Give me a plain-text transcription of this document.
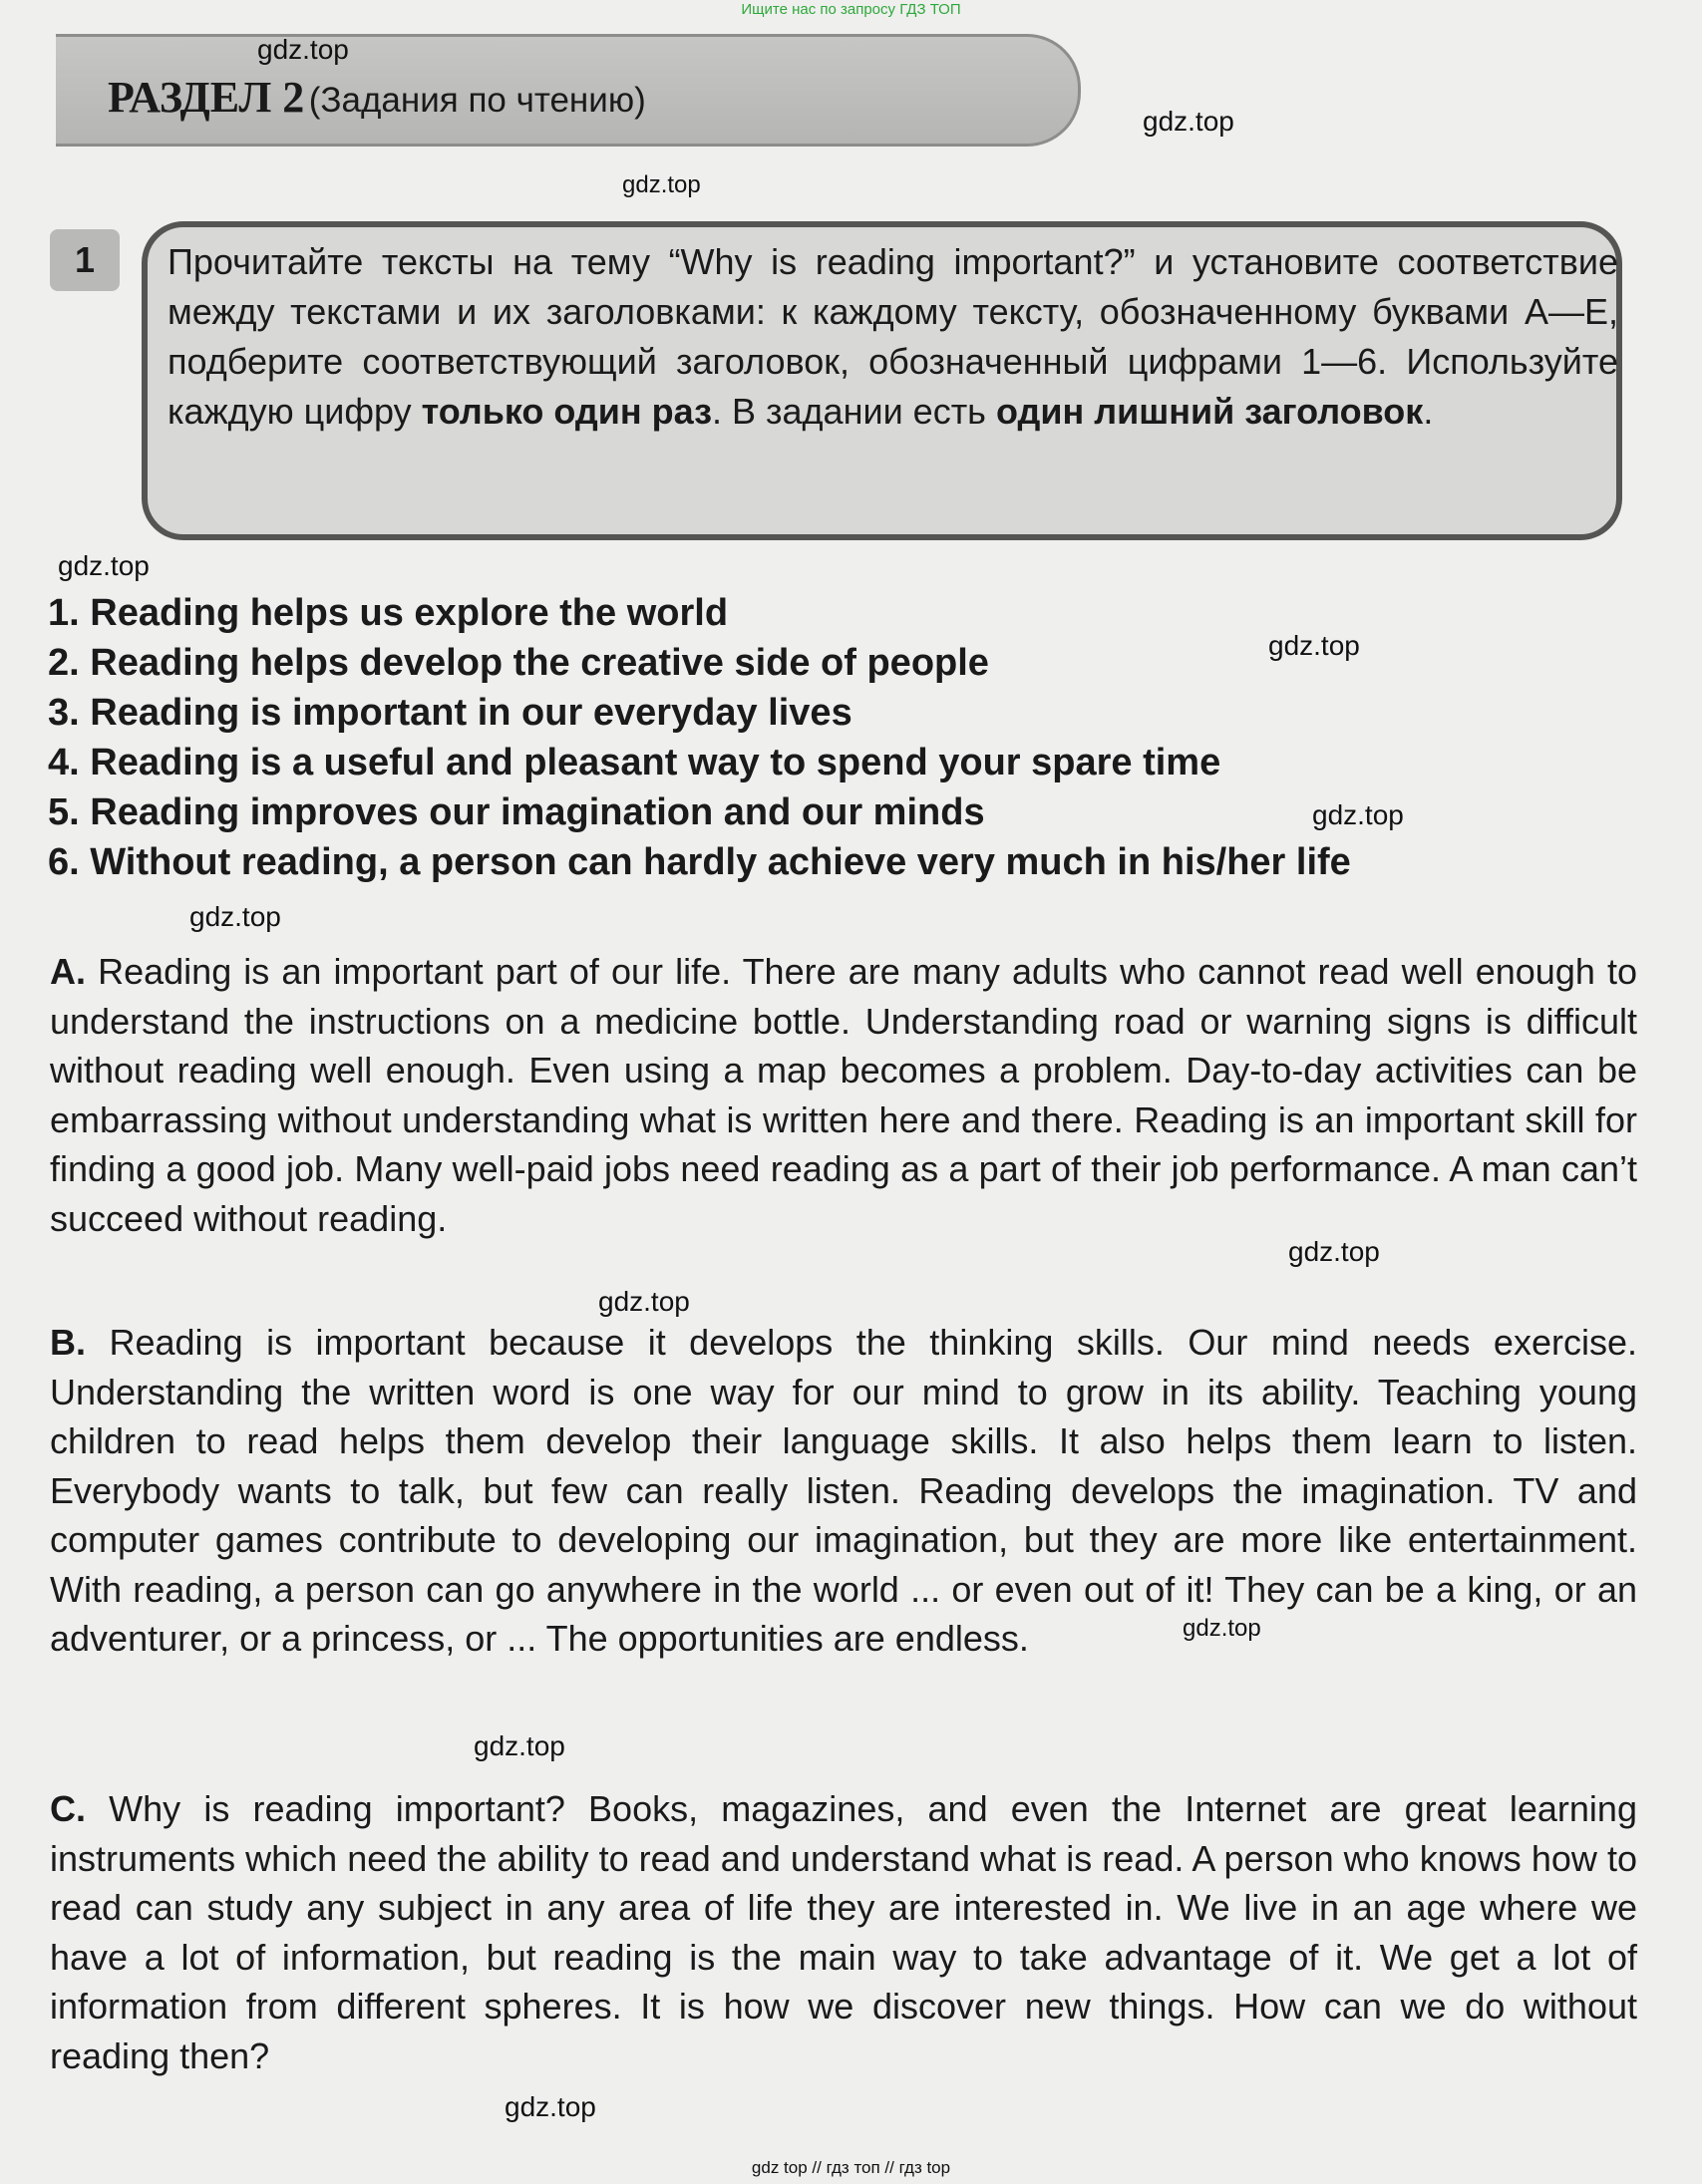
Ищите нас по запросу ГДЗ ТОП
РАЗДЕЛ 2 (Задания по чтению)
1	Прочитайте тексты на тему “Why is reading important?” и установите соответствие между текстами и их заголовками: к каждому тексту, обозначенному буквами А—Е, подберите соответствующий заголовок, обозначенный цифрами 1—6. Используйте каждую цифру только один раз. В задании есть один лишний заголовок.
1. Reading helps us explore the world
2. Reading helps develop the creative side of people
3. Reading is important in our everyday lives
4. Reading is a useful and pleasant way to spend your spare time
5. Reading improves our imagination and our minds
6. Without reading, a person can hardly achieve very much in his/her life
A. Reading is an important part of our life. There are many adults who cannot read well enough to understand the instructions on a medicine bottle. Understanding road or warning signs is difficult without reading well enough. Even using a map becomes a problem. Day-to-day activities can be embarrassing without understanding what is written here and there. Reading is an important skill for finding a good job. Many well-paid jobs need reading as a part of their job performance. A man can’t succeed without reading.
B. Reading is important because it develops the thinking skills. Our mind needs exercise. Understanding the written word is one way for our mind to grow in its ability. Teaching young children to read helps them develop their language skills. It also helps them learn to listen. Everybody wants to talk, but few can really listen. Reading develops the imagination. TV and computer games contribute to developing our imagination, but they are more like entertainment. With reading, a person can go anywhere in the world ... or even out of it! They can be a king, or an adventurer, or a princess, or ... The opportunities are endless.
C. Why is reading important? Books, magazines, and even the Internet are great learning instruments which need the ability to read and understand what is read. A person who knows how to read can study any subject in any area of life they are interested in. We live in an age where we have a lot of information, but reading is the main way to take advantage of it. We get a lot of information from different spheres. It is how we discover new things. How can we do without reading then?
gdz.top
gdz.top
gdz.top
gdz.top
gdz.top
gdz.top
gdz.top
gdz.top
gdz.top
gdz.top
gdz.top
gdz.top
gdz top // гдз топ // гдз top
